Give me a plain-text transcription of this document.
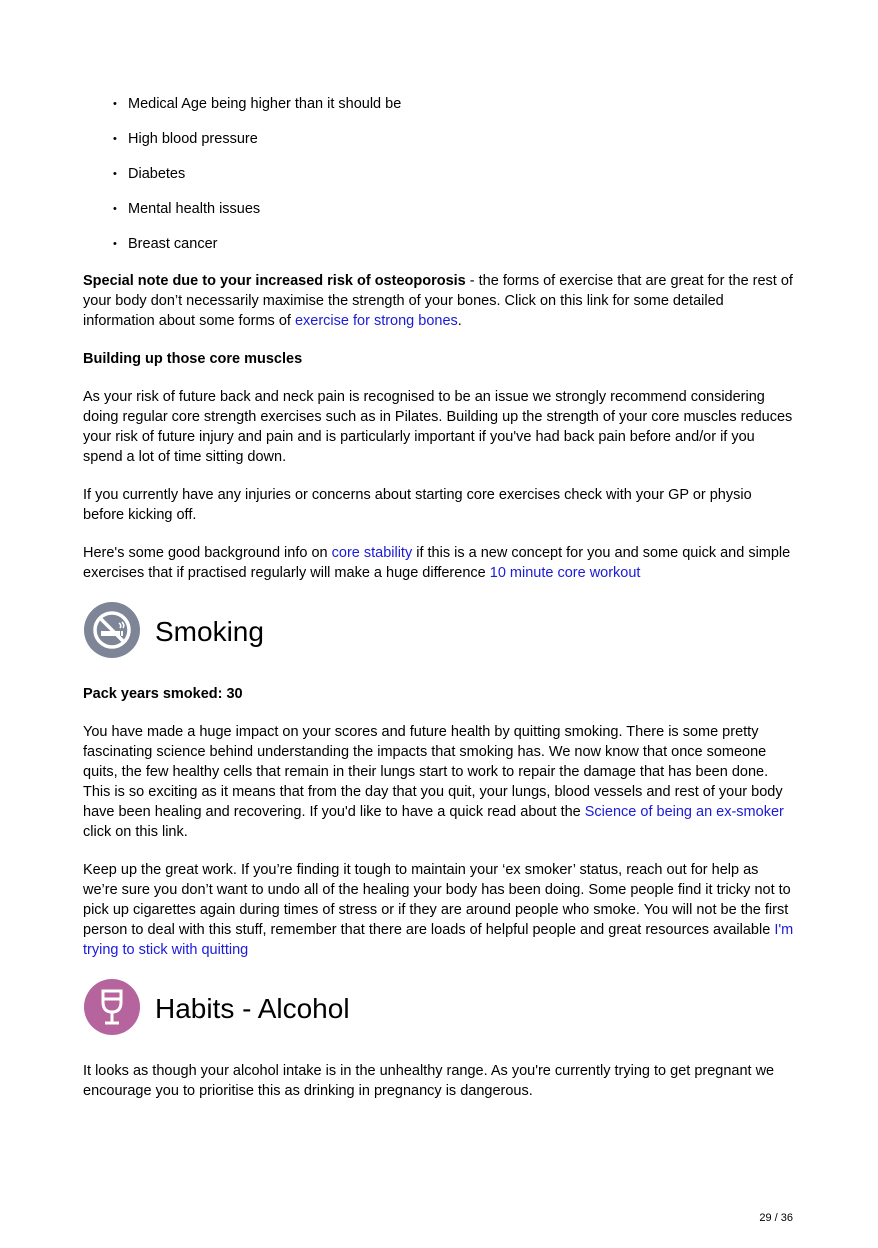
• Medical Age being higher than it should be
• High blood pressure
• Diabetes
• Mental health issues
• Breast cancer

Special note due to your increased risk of osteoporosis - the forms of exercise that are great for the rest of your body don’t necessarily maximise the strength of your bones. Click on this link for some detailed information about some forms of exercise for strong bones.

Building up those core muscles

As your risk of future back and neck pain is recognised to be an issue we strongly recommend considering doing regular core strength exercises such as in Pilates. Building up the strength of your core muscles reduces your risk of future injury and pain and is particularly important if you've had back pain before and/or if you spend a lot of time sitting down.

If you currently have any injuries or concerns about starting core exercises check with your GP or physio before kicking off.

Here's some good background info on core stability if this is a new concept for you and some quick and simple exercises that if practised regularly will make a huge difference 10 minute core workout

Smoking

Pack years smoked: 30

You have made a huge impact on your scores and future health by quitting smoking. There is some pretty fascinating science behind understanding the impacts that smoking has. We now know that once someone quits, the few healthy cells that remain in their lungs start to work to repair the damage that has been done. This is so exciting as it means that from the day that you quit, your lungs, blood vessels and rest of your body have been healing and recovering. If you'd like to have a quick read about the Science of being an ex-smoker click on this link.

Keep up the great work. If you’re finding it tough to maintain your ‘ex smoker’ status, reach out for help as we’re sure you don’t want to undo all of the healing your body has been doing. Some people find it tricky not to pick up cigarettes again during times of stress or if they are around people who smoke. You will not be the first person to deal with this stuff, remember that there are loads of helpful people and great resources available I'm trying to stick with quitting

Habits - Alcohol

It looks as though your alcohol intake is in the unhealthy range. As you're currently trying to get pregnant we encourage you to prioritise this as drinking in pregnancy is dangerous.

29 / 36
